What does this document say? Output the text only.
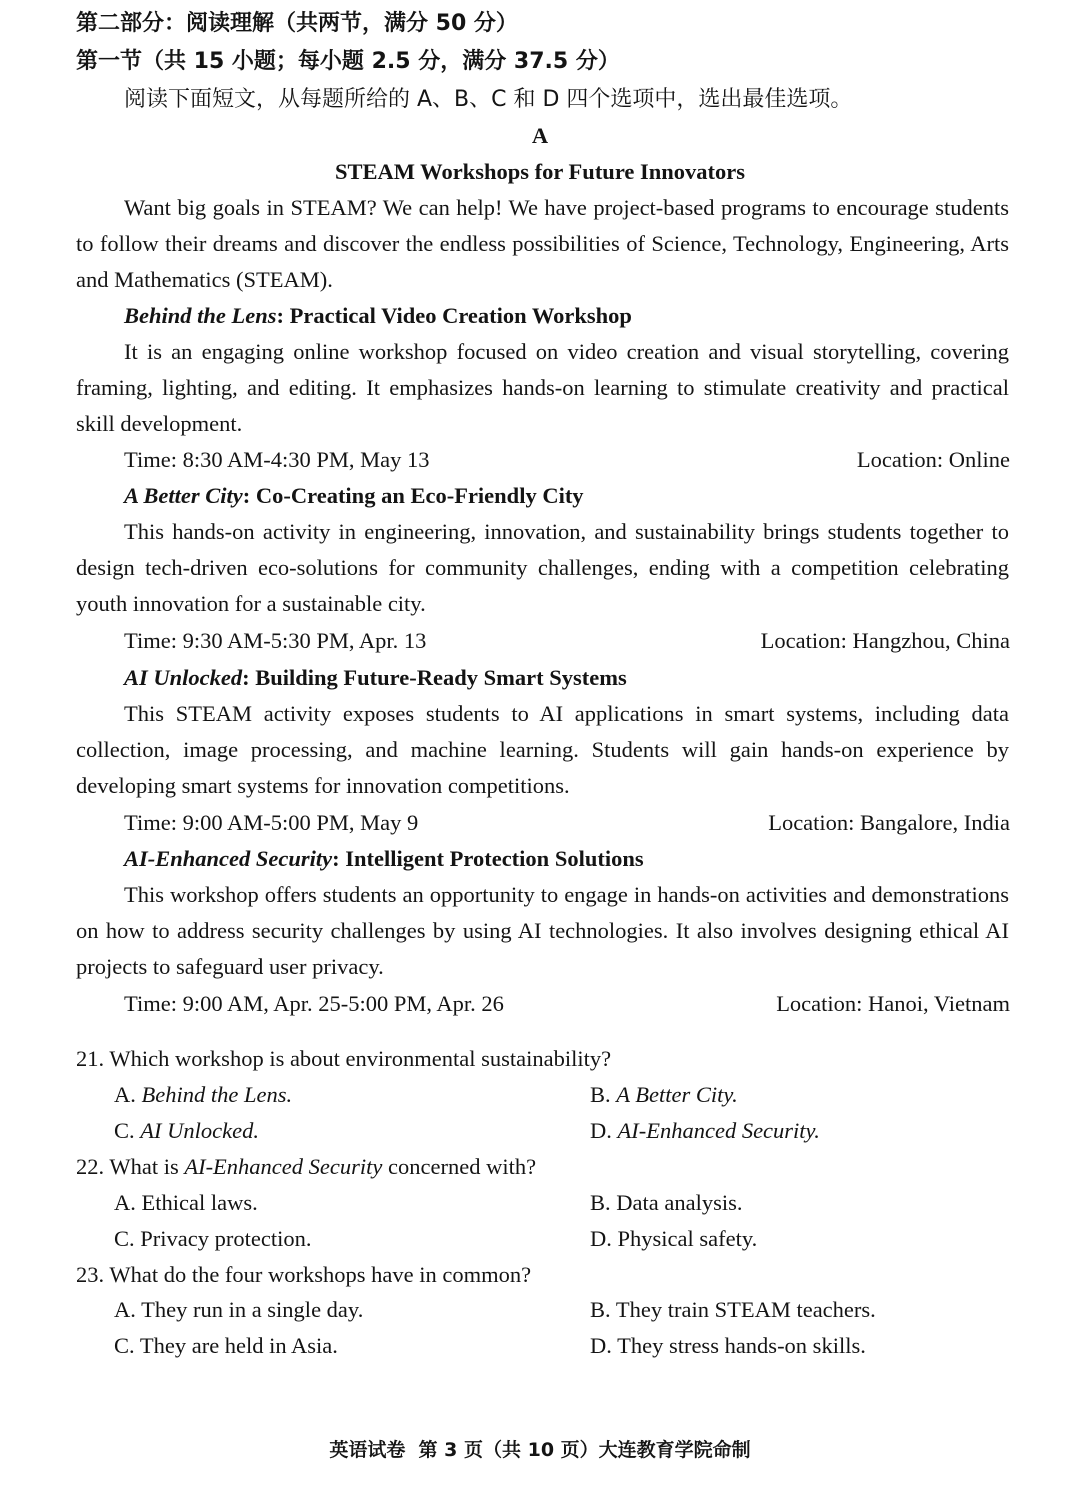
第二部分：阅读理解（共两节，满分 50 分）
第一节（共 15 小题；每小题 2.5 分，满分 37.5 分）
阅读下面短文，从每题所给的 A、B、C 和 D 四个选项中，选出最佳选项。
A
STEAM Workshops for Future Innovators
Want big goals in STEAM? We can help! We have project-based programs to encourage students to follow their dreams and discover the endless possibilities of Science, Technology, Engineering, Arts and Mathematics (STEAM).
Behind the Lens: Practical Video Creation Workshop
It is an engaging online workshop focused on video creation and visual storytelling, covering framing, lighting, and editing. It emphasizes hands-on learning to stimulate creativity and practical skill development.
Time: 8:30 AM-4:30 PM, May 13	Location: Online
A Better City: Co-Creating an Eco-Friendly City
This hands-on activity in engineering, innovation, and sustainability brings students together to design tech-driven eco-solutions for community challenges, ending with a competition celebrating youth innovation for a sustainable city.
Time: 9:30 AM-5:30 PM, Apr. 13	Location: Hangzhou, China
AI Unlocked: Building Future-Ready Smart Systems
This STEAM activity exposes students to AI applications in smart systems, including data collection, image processing, and machine learning. Students will gain hands-on experience by developing smart systems for innovation competitions.
Time: 9:00 AM-5:00 PM, May 9	Location: Bangalore, India
AI-Enhanced Security: Intelligent Protection Solutions
This workshop offers students an opportunity to engage in hands-on activities and demonstrations on how to address security challenges by using AI technologies. It also involves designing ethical AI projects to safeguard user privacy.
Time: 9:00 AM, Apr. 25-5:00 PM, Apr. 26	Location: Hanoi, Vietnam
21. Which workshop is about environmental sustainability?
A. Behind the Lens.	B. A Better City.
C. AI Unlocked.	D. AI-Enhanced Security.
22. What is AI-Enhanced Security concerned with?
A. Ethical laws.	B. Data analysis.
C. Privacy protection.	D. Physical safety.
23. What do the four workshops have in common?
A. They run in a single day.	B. They train STEAM teachers.
C. They are held in Asia.	D. They stress hands-on skills.
英语试卷  第 3 页（共 10 页）大连教育学院命制
